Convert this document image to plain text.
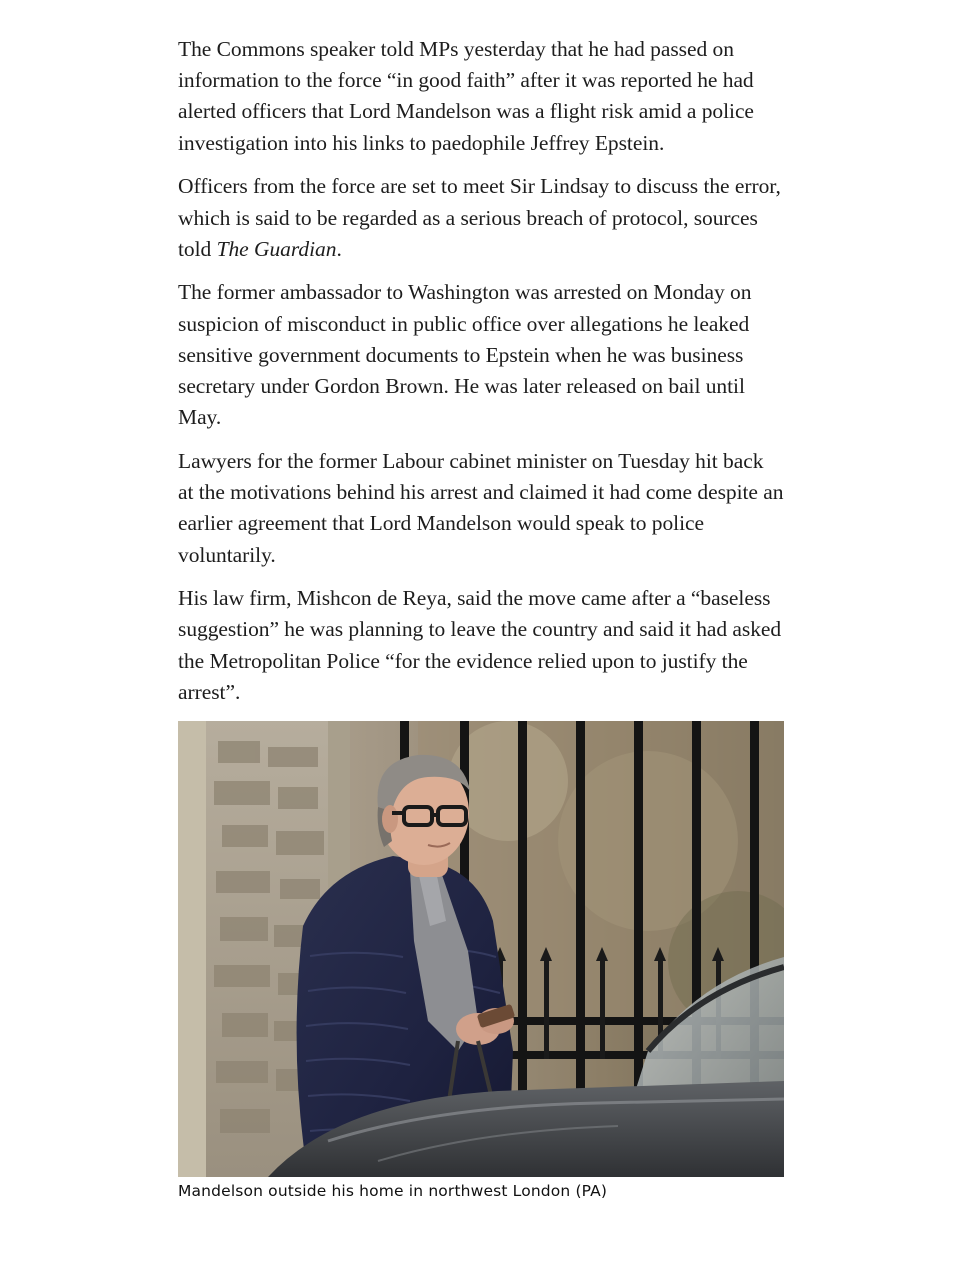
The Commons speaker told MPs yesterday that he had passed on information to the force “in good faith” after it was reported he had alerted officers that Lord Mandelson was a flight risk amid a police investigation into his links to paedophile Jeffrey Epstein.

Officers from the force are set to meet Sir Lindsay to discuss the error, which is said to be regarded as a serious breach of protocol, sources told The Guardian.

The former ambassador to Washington was arrested on Monday on suspicion of misconduct in public office over allegations he leaked sensitive government documents to Epstein when he was business secretary under Gordon Brown. He was later released on bail until May.

Lawyers for the former Labour cabinet minister on Tuesday hit back at the motivations behind his arrest and claimed it had come despite an earlier agreement that Lord Mandelson would speak to police voluntarily.

His law firm, Mishcon de Reya, said the move came after a “baseless suggestion” he was planning to leave the country and said it had asked the Metropolitan Police “for the evidence relied upon to justify the arrest”.

Mandelson outside his home in northwest London (PA)
